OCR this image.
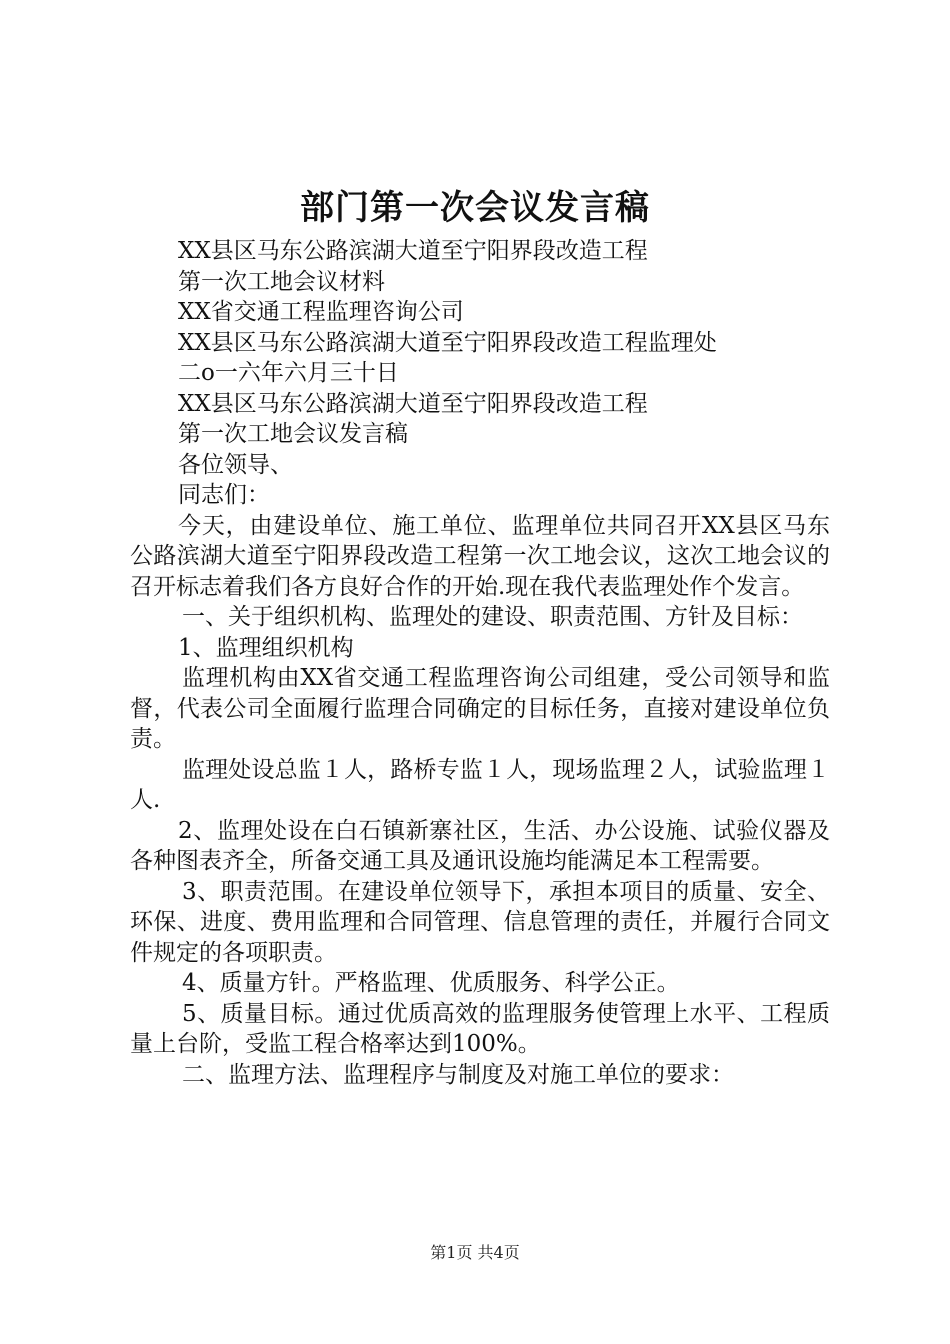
部门第一次会议发言稿

XX县区马东公路滨湖大道至宁阳界段改造工程

第一次工地会议材料

XX省交通工程监理咨询公司

XX县区马东公路滨湖大道至宁阳界段改造工程监理处

二o一六年六月三十日

XX县区马东公路滨湖大道至宁阳界段改造工程

第一次工地会议发言稿

各位领导、

同志们：

今天，由建设单位、施工单位、监理单位共同召开XX县区马东公路滨湖大道至宁阳界段改造工程第一次工地会议，这次工地会议的召开标志着我们各方良好合作的开始.现在我代表监理处作个发言。

一、关于组织机构、监理处的建设、职责范围、方针及目标：

1、监理组织机构

监理机构由XX省交通工程监理咨询公司组建，受公司领导和监督，代表公司全面履行监理合同确定的目标任务，直接对建设单位负责。

监理处设总监１人，路桥专监１人，现场监理２人，试验监理１人.

2、监理处设在白石镇新寨社区，生活、办公设施、试验仪器及各种图表齐全，所备交通工具及通讯设施均能满足本工程需要。

3、职责范围。在建设单位领导下，承担本项目的质量、安全、环保、进度、费用监理和合同管理、信息管理的责任，并履行合同文件规定的各项职责。

4、质量方针。严格监理、优质服务、科学公正。

5、质量目标。通过优质高效的监理服务使管理上水平、工程质量上台阶，受监工程合格率达到100%。

二、监理方法、监理程序与制度及对施工单位的要求：

第1页 共4页
